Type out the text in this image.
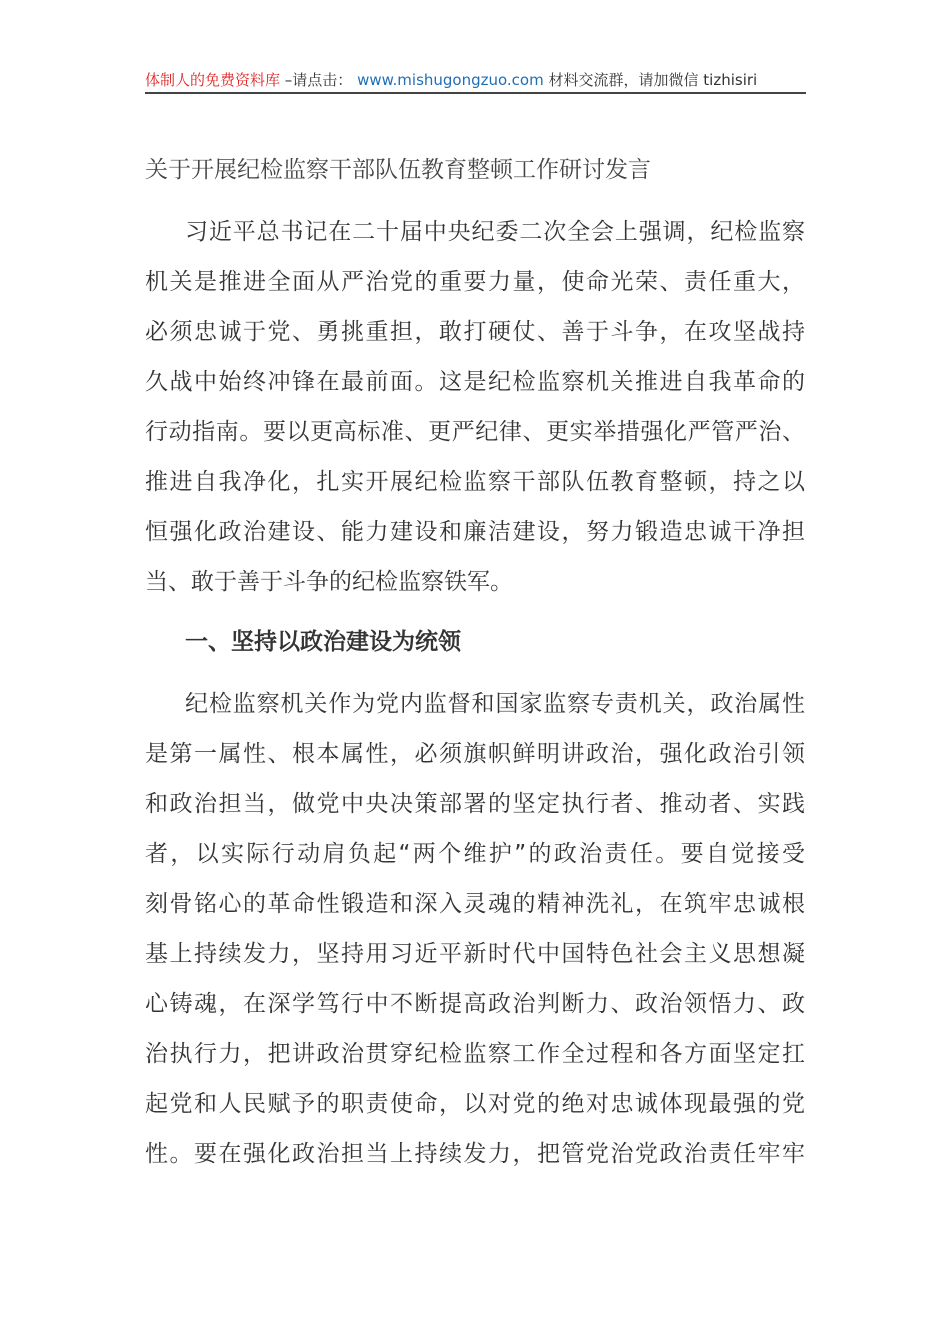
体制人的免费资料库 –请点击： www.mishugongzuo.com 材料交流群，请加微信 tizhisiri
关于开展纪检监察干部队伍教育整顿工作研讨发言
习近平总书记在二十届中央纪委二次全会上强调，纪检监察
机关是推进全面从严治党的重要力量，使命光荣、责任重大，
必须忠诚于党、勇挑重担，敢打硬仗、善于斗争，在攻坚战持
久战中始终冲锋在最前面。这是纪检监察机关推进自我革命的
行动指南。要以更高标准、更严纪律、更实举措强化严管严治、
推进自我净化，扎实开展纪检监察干部队伍教育整顿，持之以
恒强化政治建设、能力建设和廉洁建设，努力锻造忠诚干净担
当、敢于善于斗争的纪检监察铁军。
一、坚持以政治建设为统领
纪检监察机关作为党内监督和国家监察专责机关，政治属性
是第一属性、根本属性，必须旗帜鲜明讲政治，强化政治引领
和政治担当，做党中央决策部署的坚定执行者、推动者、实践
者，以实际行动肩负起“两个维护”的政治责任。要自觉接受
刻骨铭心的革命性锻造和深入灵魂的精神洗礼，在筑牢忠诚根
基上持续发力，坚持用习近平新时代中国特色社会主义思想凝
心铸魂，在深学笃行中不断提高政治判断力、政治领悟力、政
治执行力，把讲政治贯穿纪检监察工作全过程和各方面坚定扛
起党和人民赋予的职责使命，以对党的绝对忠诚体现最强的党
性。要在强化政治担当上持续发力，把管党治党政治责任牢牢
